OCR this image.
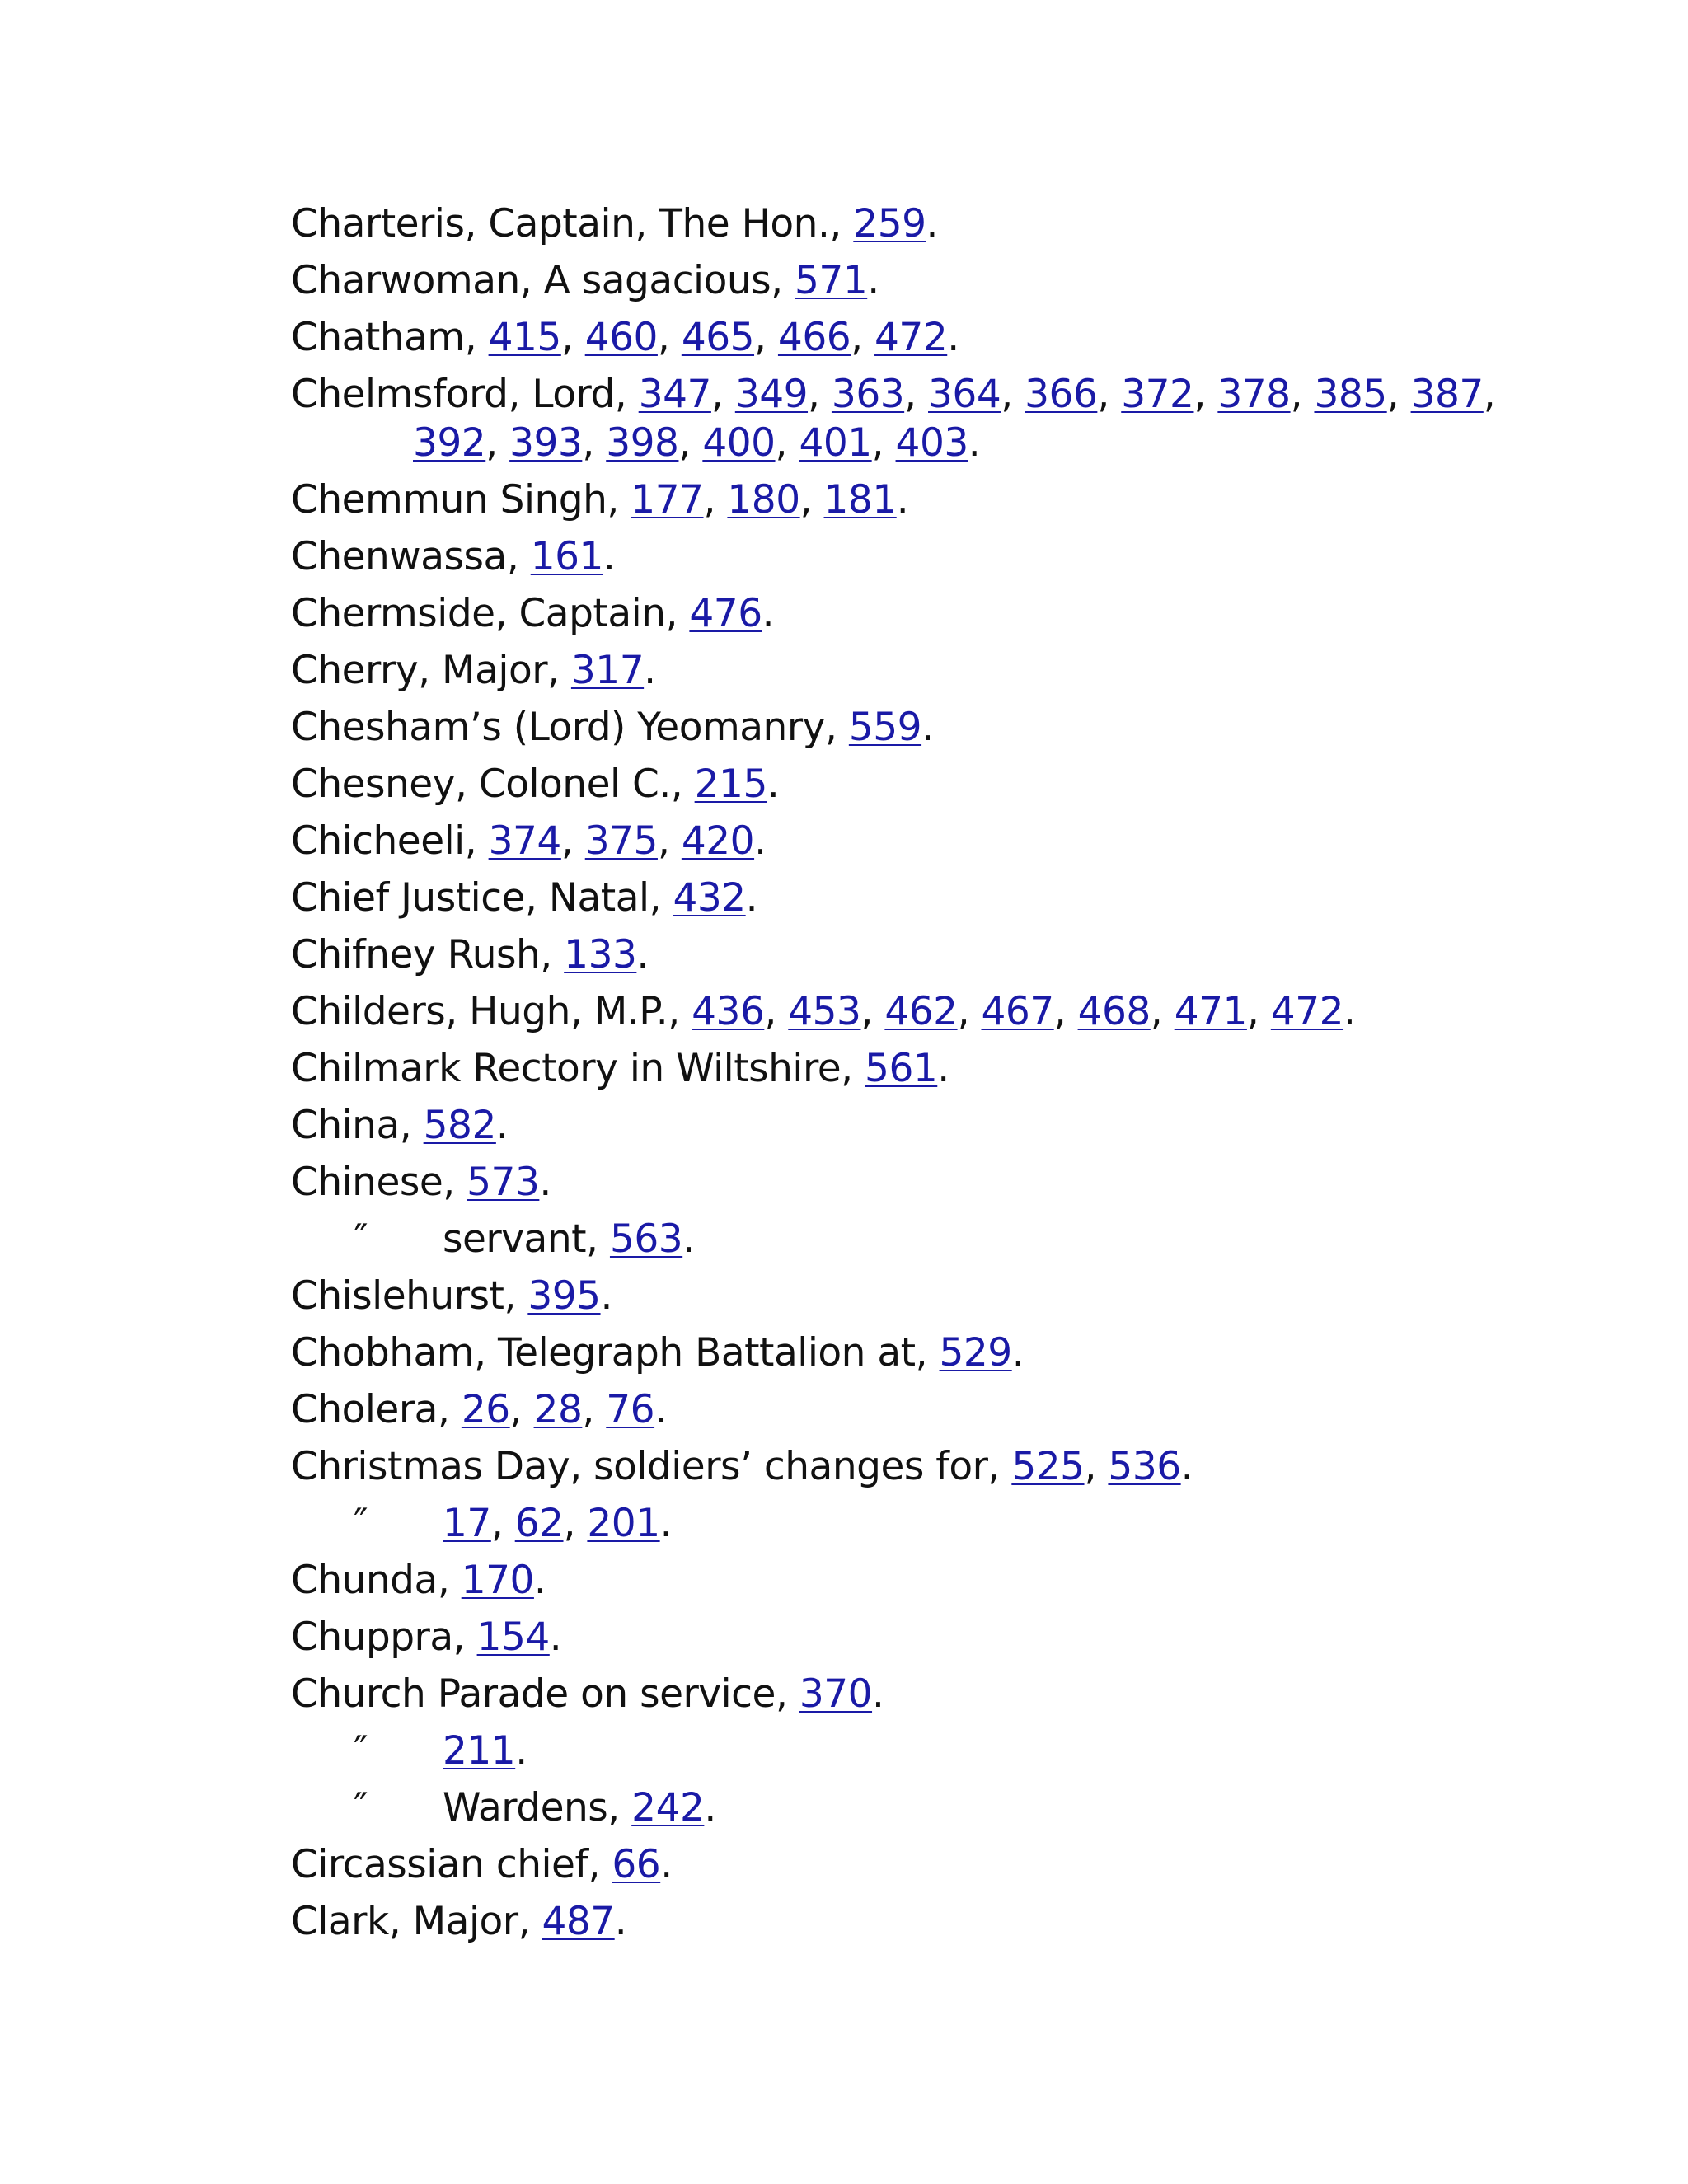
Charteris, Captain, The Hon., 259.
Charwoman, A sagacious, 571.
Chatham, 415, 460, 465, 466, 472.
Chelmsford, Lord, 347, 349, 363, 364, 366, 372, 378, 385, 387,
392, 393, 398, 400, 401, 403.
Chemmun Singh, 177, 180, 181.
Chenwassa, 161.
Chermside, Captain, 476.
Cherry, Major, 317.
Chesham’s (Lord) Yeomanry, 559.
Chesney, Colonel C., 215.
Chicheeli, 374, 375, 420.
Chief Justice, Natal, 432.
Chifney Rush, 133.
Childers, Hugh, M.P., 436, 453, 462, 467, 468, 471, 472.
Chilmark Rectory in Wiltshire, 561.
China, 582.
Chinese, 573.
″ servant, 563.
Chislehurst, 395.
Chobham, Telegraph Battalion at, 529.
Cholera, 26, 28, 76.
Christmas Day, soldiers’ changes for, 525, 536.
″ 17, 62, 201.
Chunda, 170.
Chuppra, 154.
Church Parade on service, 370.
″ 211.
″ Wardens, 242.
Circassian chief, 66.
Clark, Major, 487.
